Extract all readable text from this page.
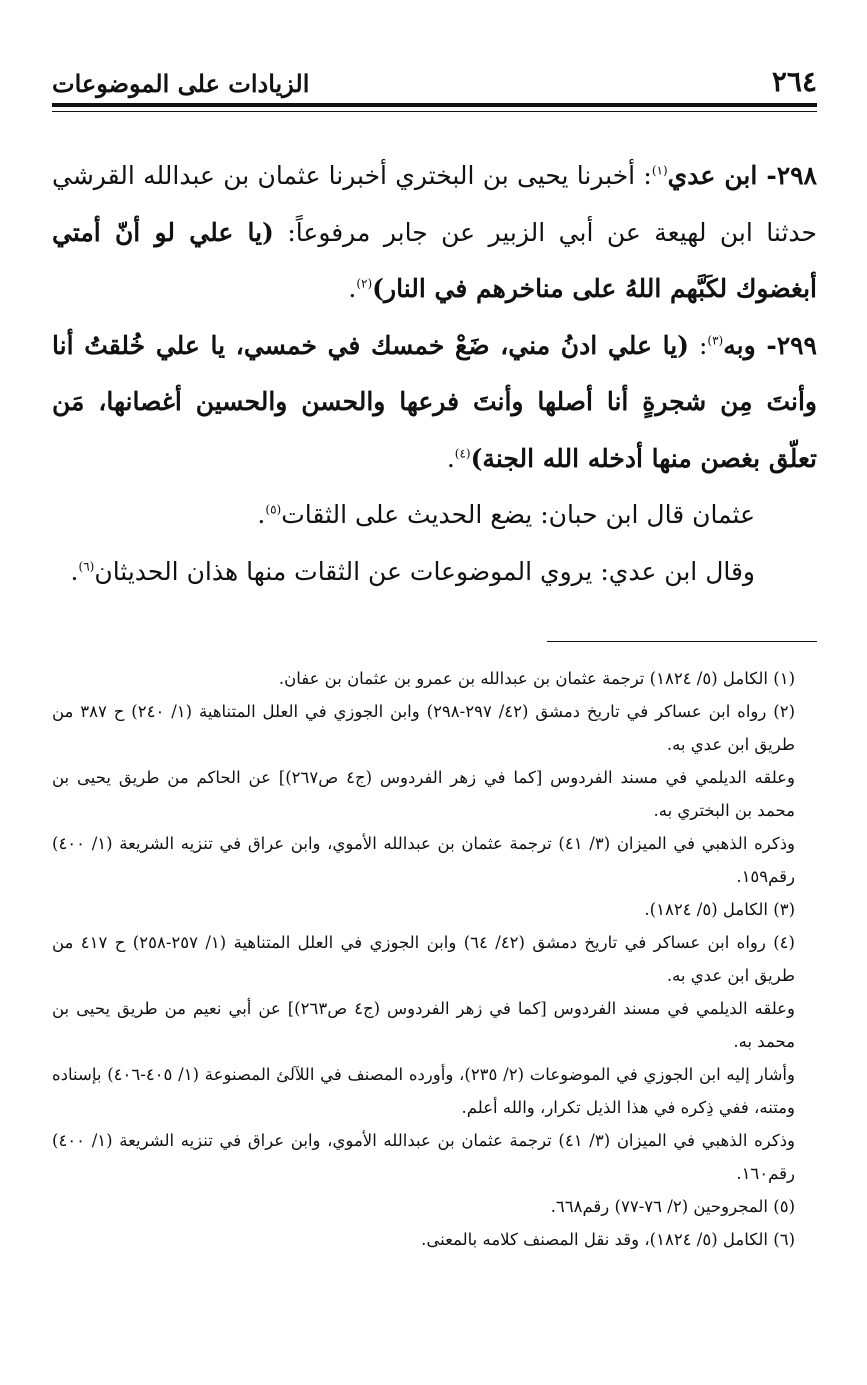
٢٦٤
الزيادات على الموضوعات

٢٩٨- ابن عدي$^{(١)}$: أخبرنا يحيى بن البختري أخبرنا عثمان بن عبدالله القرشي حدثنا ابن لهيعة عن أبي الزبير عن جابر مرفوعاً: (يا علي لو أنّ أمتي أبغضوك لكَبَّهم اللهُ على مناخرهم في النار)$^{(٢)}$.

٢٩٩- وبه$^{(٣)}$: (يا علي ادنُ مني، ضَعْ خمسك في خمسي، يا علي خُلقتُ أنا وأنتَ مِن شجرةٍ أنا أصلها وأنتَ فرعها والحسن والحسين أغصانها، مَن تعلّق بغصن منها أدخله الله الجنة)$^{(٤)}$.

عثمان قال ابن حبان: يضع الحديث على الثقات$^{(٥)}$.

وقال ابن عدي: يروي الموضوعات عن الثقات منها هذان الحديثان$^{(٦)}$.

(١) الكامل (٥/ ١٨٢٤) ترجمة عثمان بن عبدالله بن عمرو بن عثمان بن عفان.

(٢) رواه ابن عساكر في تاريخ دمشق (٤٢/ ٢٩٧-٢٩٨) وابن الجوزي في العلل المتناهية (١/ ٢٤٠) ح ٣٨٧ من طريق ابن عدي به.

وعلقه الديلمي في مسند الفردوس [كما في زهر الفردوس (ج٤ ص٢٦٧)] عن الحاكم من طريق يحيى بن محمد بن البختري به.

وذكره الذهبي في الميزان (٣/ ٤١) ترجمة عثمان بن عبدالله الأموي، وابن عراق في تنزيه الشريعة (١/ ٤٠٠) رقم١٥٩.

(٣) الكامل (٥/ ١٨٢٤).

(٤) رواه ابن عساكر في تاريخ دمشق (٤٢/ ٦٤) وابن الجوزي في العلل المتناهية (١/ ٢٥٧-٢٥٨) ح ٤١٧ من طريق ابن عدي به.

وعلقه الديلمي في مسند الفردوس [كما في زهر الفردوس (ج٤ ص٢٦٣)] عن أبي نعيم من طريق يحيى بن محمد به.

وأشار إليه ابن الجوزي في الموضوعات (٢/ ٢٣٥)، وأورده المصنف في اللآلئ المصنوعة (١/ ٤٠٥-٤٠٦) بإسناده ومتنه، ففي ذِكره في هذا الذيل تكرار، والله أعلم.

وذكره الذهبي في الميزان (٣/ ٤١) ترجمة عثمان بن عبدالله الأموي، وابن عراق في تنزيه الشريعة (١/ ٤٠٠) رقم١٦٠.

(٥) المجروحين (٢/ ٧٦-٧٧) رقم٦٦٨.

(٦) الكامل (٥/ ١٨٢٤)، وقد نقل المصنف كلامه بالمعنى.
